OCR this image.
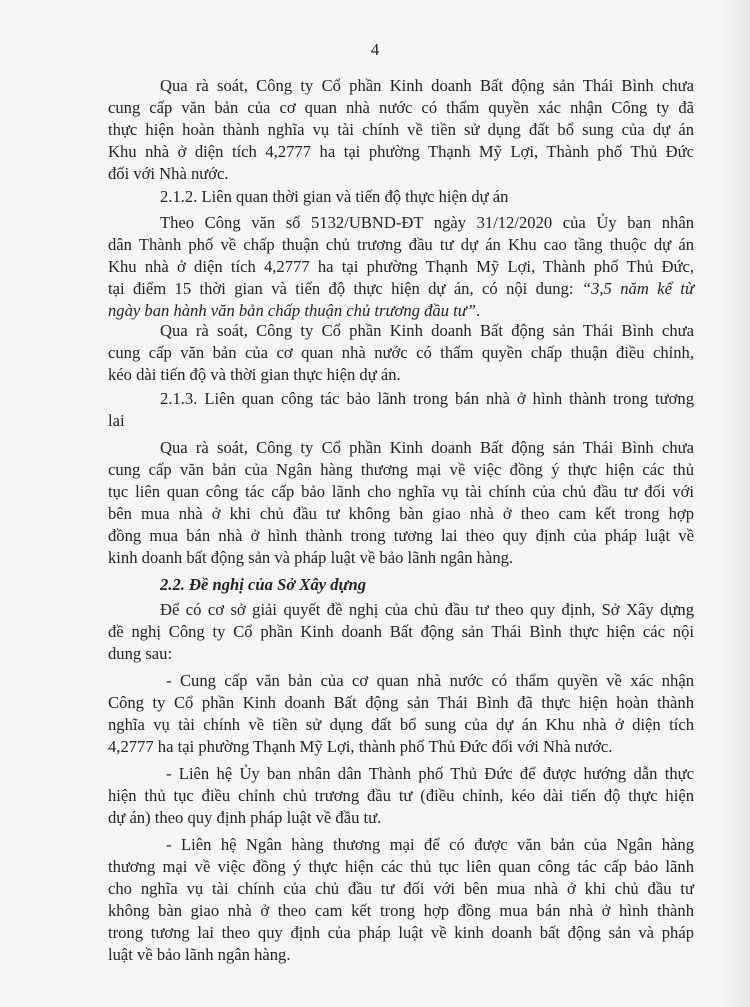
4
Qua rà soát, Công ty Cổ phần Kinh doanh Bất động sản Thái Bình chưa
cung cấp văn bản của cơ quan nhà nước có thẩm quyền xác nhận Công ty đã
thực hiện hoàn thành nghĩa vụ tài chính về tiền sử dụng đất bổ sung của dự án
Khu nhà ở diện tích 4,2777 ha tại phường Thạnh Mỹ Lợi, Thành phố Thủ Đức
đối với Nhà nước.
2.1.2. Liên quan thời gian và tiến độ thực hiện dự án
Theo Công văn số 5132/UBND-ĐT ngày 31/12/2020 của Ủy ban nhân
dân Thành phố về chấp thuận chủ trương đầu tư dự án Khu cao tầng thuộc dự án
Khu nhà ở diện tích 4,2777 ha tại phường Thạnh Mỹ Lợi, Thành phố Thủ Đức,
tại điểm 15 thời gian và tiến độ thực hiện dự án, có nội dung: “3,5 năm kể từ
ngày ban hành văn bản chấp thuận chủ trương đầu tư”.
Qua rà soát, Công ty Cổ phần Kinh doanh Bất động sản Thái Bình chưa
cung cấp văn bản của cơ quan nhà nước có thẩm quyền chấp thuận điều chỉnh,
kéo dài tiến độ và thời gian thực hiện dự án.
2.1.3. Liên quan công tác bảo lãnh trong bán nhà ở hình thành trong tương
lai
Qua rà soát, Công ty Cổ phần Kinh doanh Bất động sản Thái Bình chưa
cung cấp văn bản của Ngân hàng thương mại về việc đồng ý thực hiện các thủ
tục liên quan công tác cấp bảo lãnh cho nghĩa vụ tài chính của chủ đầu tư đối với
bên mua nhà ở khi chủ đầu tư không bàn giao nhà ở theo cam kết trong hợp
đồng mua bán nhà ở hình thành trong tương lai theo quy định của pháp luật về
kinh doanh bất động sản và pháp luật về bảo lãnh ngân hàng.
2.2. Đề nghị của Sở Xây dựng
Để có cơ sở giải quyết đề nghị của chủ đầu tư theo quy định, Sở Xây dựng
đề nghị Công ty Cổ phần Kinh doanh Bất động sản Thái Bình thực hiện các nội
dung sau:
- Cung cấp văn bản của cơ quan nhà nước có thẩm quyền về xác nhận
Công ty Cổ phần Kinh doanh Bất động sản Thái Bình đã thực hiện hoàn thành
nghĩa vụ tài chính về tiền sử dụng đất bổ sung của dự án Khu nhà ở diện tích
4,2777 ha tại phường Thạnh Mỹ Lợi, thành phố Thủ Đức đối với Nhà nước.
- Liên hệ Ủy ban nhân dân Thành phố Thủ Đức để được hướng dẫn thực
hiện thủ tục điều chỉnh chủ trương đầu tư (điều chỉnh, kéo dài tiến độ thực hiện
dự án) theo quy định pháp luật về đầu tư.
- Liên hệ Ngân hàng thương mại để có được văn bản của Ngân hàng
thương mại về việc đồng ý thực hiện các thủ tục liên quan công tác cấp bảo lãnh
cho nghĩa vụ tài chính của chủ đầu tư đối với bên mua nhà ở khi chủ đầu tư
không bàn giao nhà ở theo cam kết trong hợp đồng mua bán nhà ở hình thành
trong tương lai theo quy định của pháp luật về kinh doanh bất động sản và pháp
luật về bảo lãnh ngân hàng.
